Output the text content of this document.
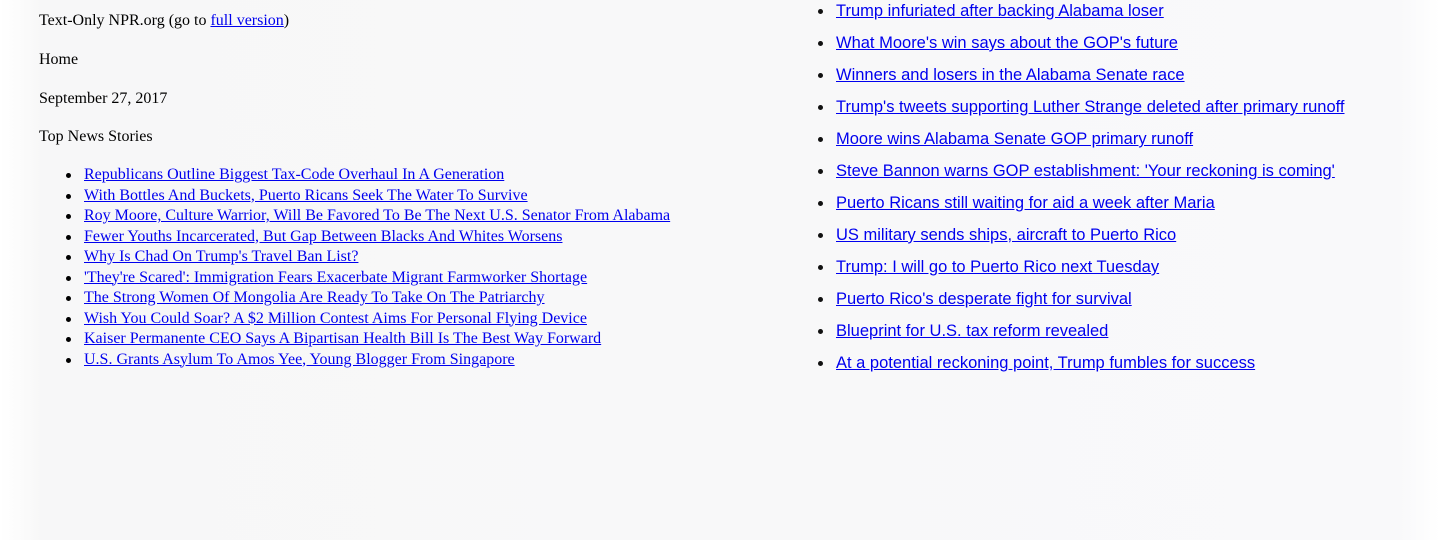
Text-Only NPR.org (go to full version)
Home
September 27, 2017
Top News Stories
Republicans Outline Biggest Tax-Code Overhaul In A Generation
With Bottles And Buckets, Puerto Ricans Seek The Water To Survive
Roy Moore, Culture Warrior, Will Be Favored To Be The Next U.S. Senator From Alabama
Fewer Youths Incarcerated, But Gap Between Blacks And Whites Worsens
Why Is Chad On Trump's Travel Ban List?
'They're Scared': Immigration Fears Exacerbate Migrant Farmworker Shortage
The Strong Women Of Mongolia Are Ready To Take On The Patriarchy
Wish You Could Soar? A $2 Million Contest Aims For Personal Flying Device
Kaiser Permanente CEO Says A Bipartisan Health Bill Is The Best Way Forward
U.S. Grants Asylum To Amos Yee, Young Blogger From Singapore
Trump infuriated after backing Alabama loser
What Moore's win says about the GOP's future
Winners and losers in the Alabama Senate race
Trump's tweets supporting Luther Strange deleted after primary runoff
Moore wins Alabama Senate GOP primary runoff
Steve Bannon warns GOP establishment: 'Your reckoning is coming'
Puerto Ricans still waiting for aid a week after Maria
US military sends ships, aircraft to Puerto Rico
Trump: I will go to Puerto Rico next Tuesday
Puerto Rico's desperate fight for survival
Blueprint for U.S. tax reform revealed
At a potential reckoning point, Trump fumbles for success
